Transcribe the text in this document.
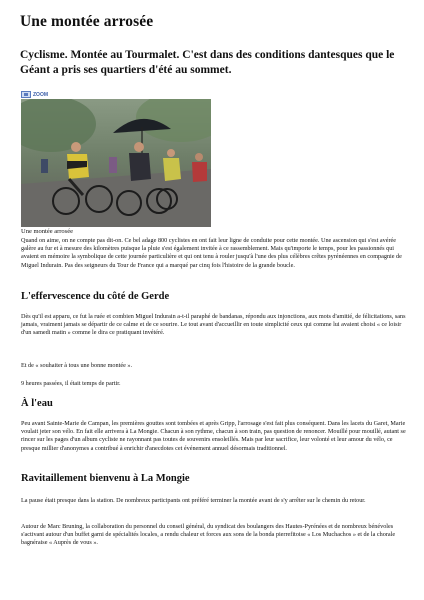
Une montée arrosée
Cyclisme. Montée au Tourmalet. C'est dans des conditions dantesques que le Géant a pris ses quartiers d'été au sommet.
ZOOM
Une montée arrosée

Quand on aime, on ne compte pas dit-on. Ce bel adage 800 cyclistes en ont fait leur ligne de conduite pour cette montée. Une ascension qui s'est avérée galère au fur et à mesure des kilomètres puisque la pluie s'est également invitée à ce rassemblement. Mais qu'importe le temps, pour les passionnés qui avaient en mémoire la symbolique de cette journée particulière et qui ont tenu à rouler jusqu'à l'une des plus célèbres crêtes pyrénéennes en compagnie de Miguel Indurain. Pas des seigneurs du Tour de France qui a marqué par cinq fois l'histoire de la grande boucle.

L'effervescence du côté de Gerde

Dès qu'il est apparu, ce fut la ruée et combien Miguel Indurain a-t-il paraphé de bandanas, répondu aux injonctions, aux mots d'amitié, de félicitations, sans jamais, vraiment jamais se départir de ce calme et de ce sourire. Le tout avant d'accueillir en toute simplicité ceux qui comme lui avaient choisi « ce loisir d'un samedi matin » comme le dira ce pratiquant invétéré.

Et de « souhaiter à tous une bonne montée ».

9 heures passées, il était temps de partir.

À l'eau

Peu avant Sainte-Marie de Campan, les premières gouttes sont tombées et après Gripp, l'arrosage s'est fait plus conséquent. Dans les lacets du Garet, Marie voulait jeter son vélo. En fait elle arrivera à La Mongie. Chacun à son rythme, chacun à son train, pas question de renoncer. Mouillé pour mouillé, autant se rincer sur les pages d'un album cycliste ne rayonnant pas toutes de souvenirs ensoleillés. Mais par leur sacrifice, leur volonté et leur amour du vélo, ce presque millier d'anonymes a contribué à enrichir d'anecdotes cet événement annuel désormais traditionnel.

Ravitaillement bienvenu à La Mongie

La pause était presque dans la station. De nombreux participants ont préféré terminer la montée avant de s'y arrêter sur le chemin du retour.

Autour de Marc Bruning, la collaboration du personnel du conseil général, du syndicat des boulangers des Hautes-Pyrénées et de nombreux bénévoles s'activant autour d'un buffet garni de spécialités locales, a rendu chaleur et forces aux sons de la bonda pierrefitoise « Los Muchachos » et de la chorale bagnéraise « Auprès de vous ».
